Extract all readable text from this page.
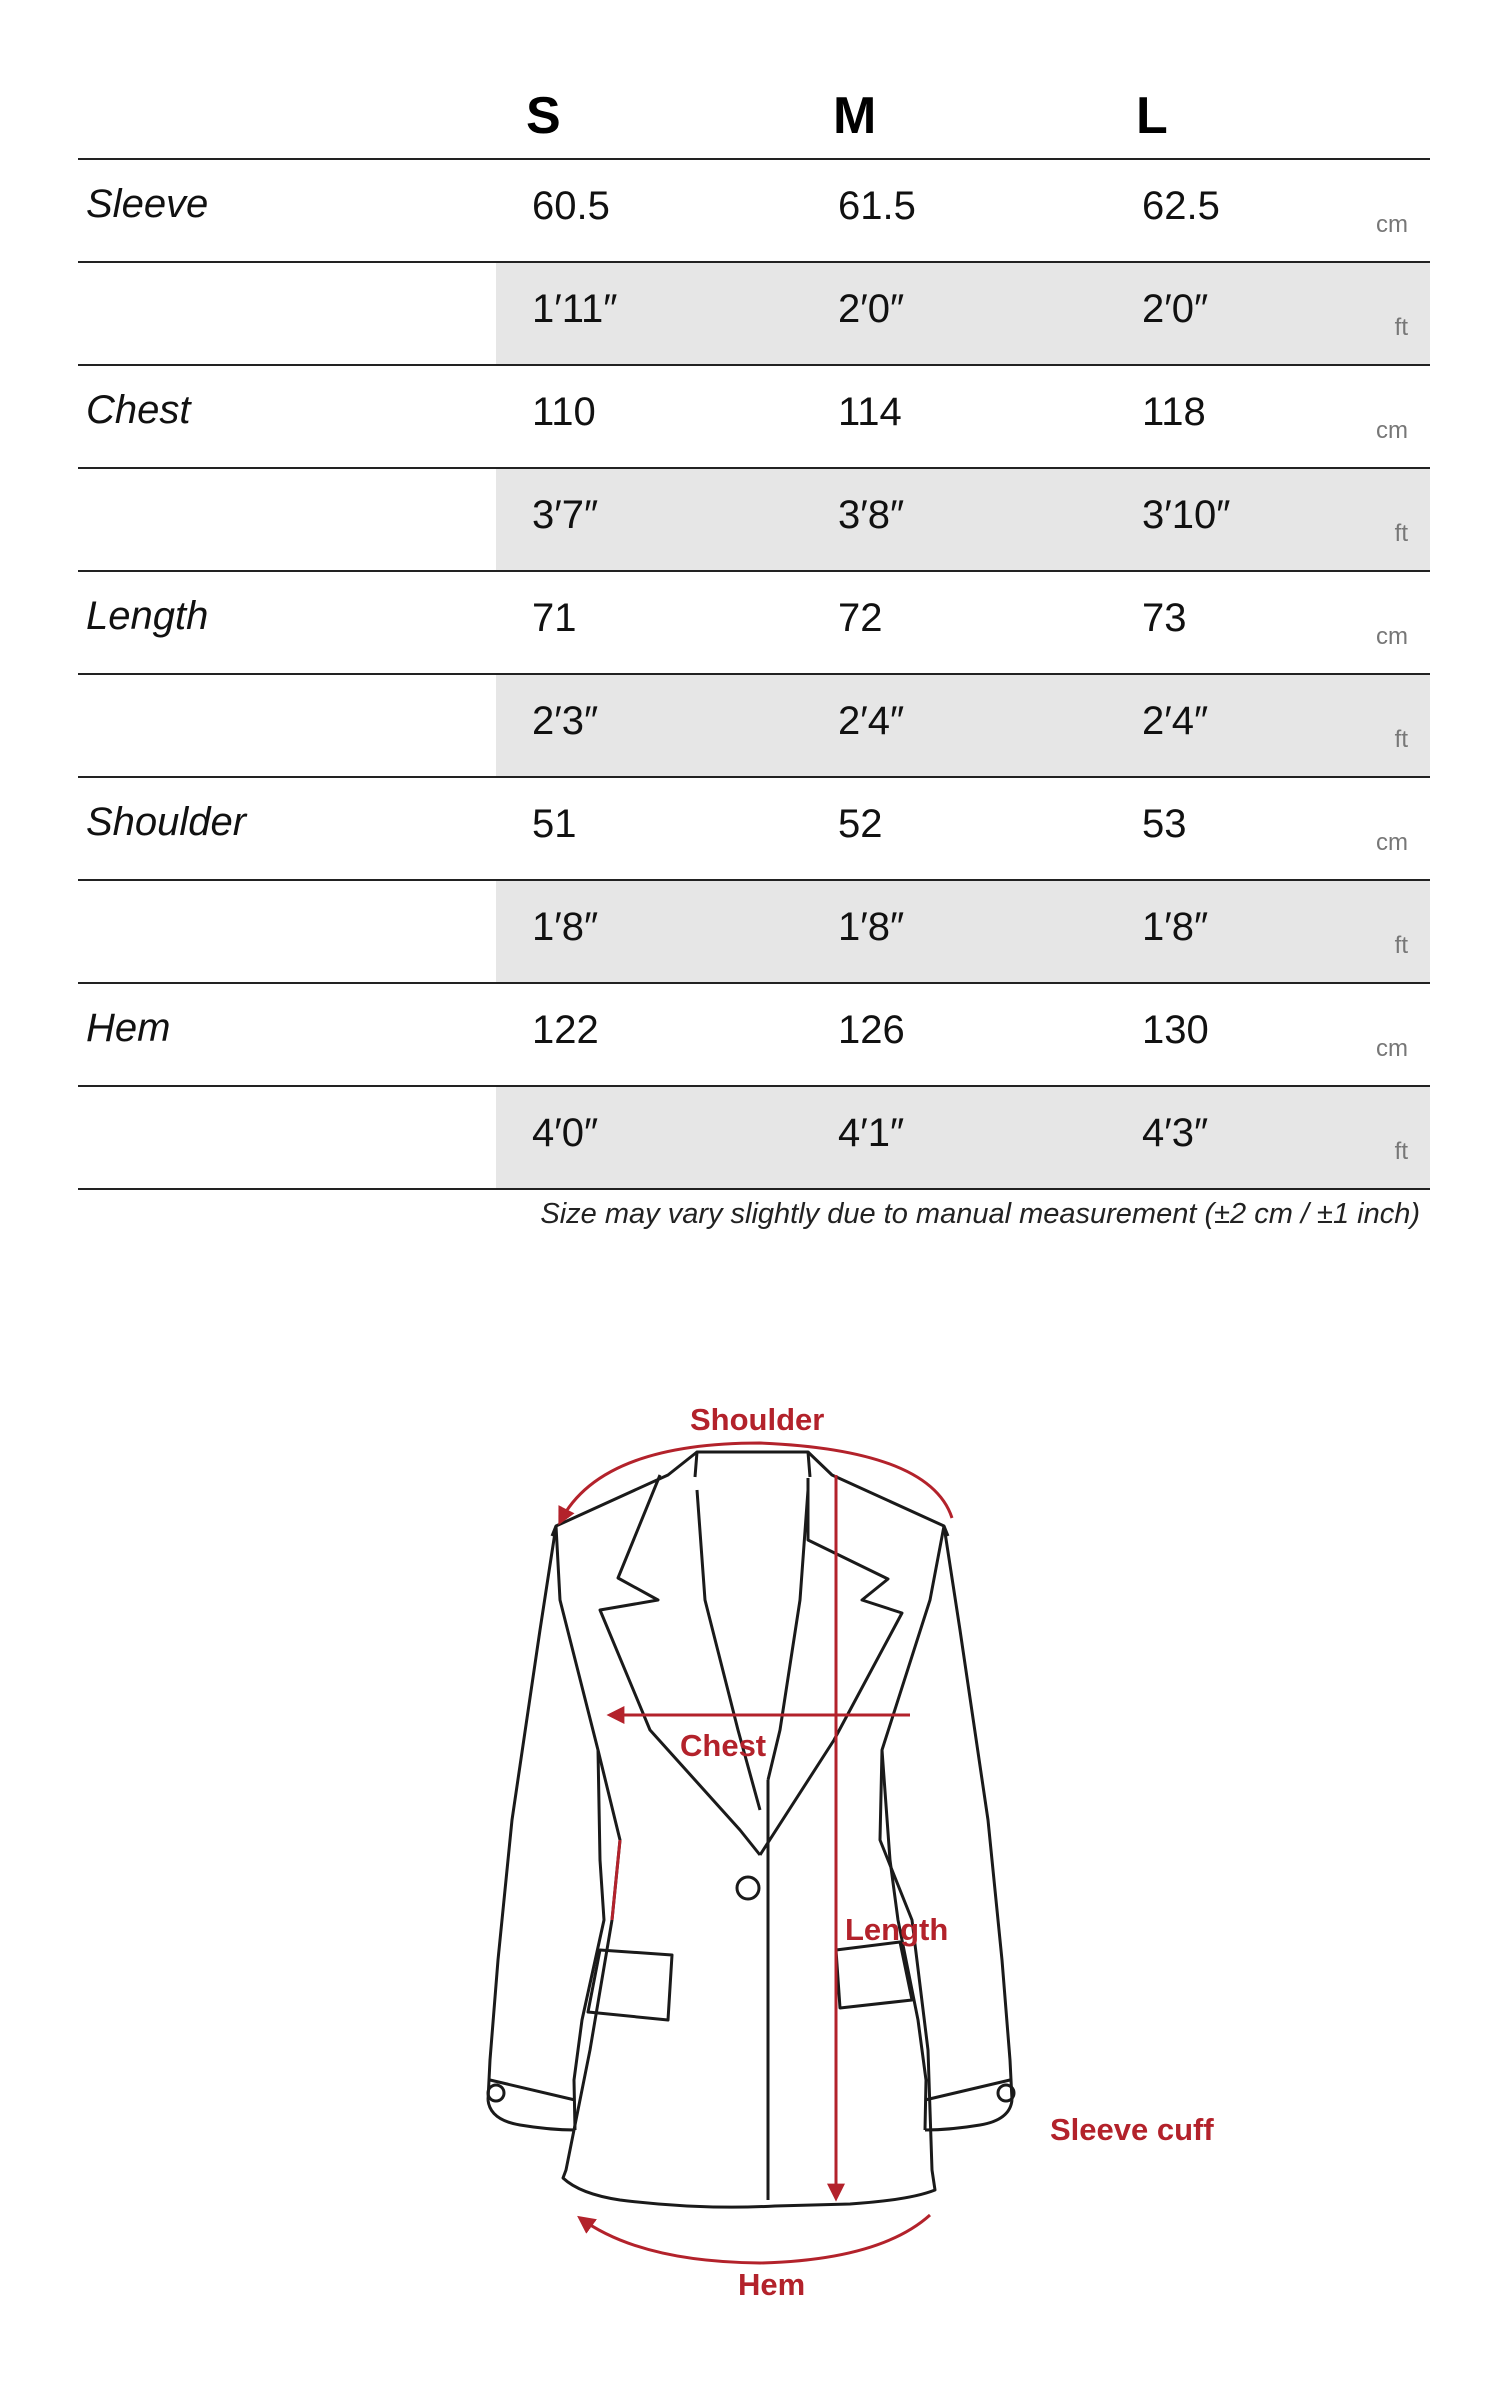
S	M	L
Sleeve	60.5	61.5	62.5	cm
1′11″	2′0″	2′0″	ft
Chest	110	114	118	cm
3′7″	3′8″	3′10″	ft
Length	71	72	73	cm
2′3″	2′4″	2′4″	ft
Shoulder	51	52	53	cm
1′8″	1′8″	1′8″	ft
Hem	122	126	130	cm
4′0″	4′1″	4′3″	ft
Size may vary slightly due to manual measurement (±2 cm / ±1 inch)
Shoulder
Chest
Length
Sleeve cuff
Hem
